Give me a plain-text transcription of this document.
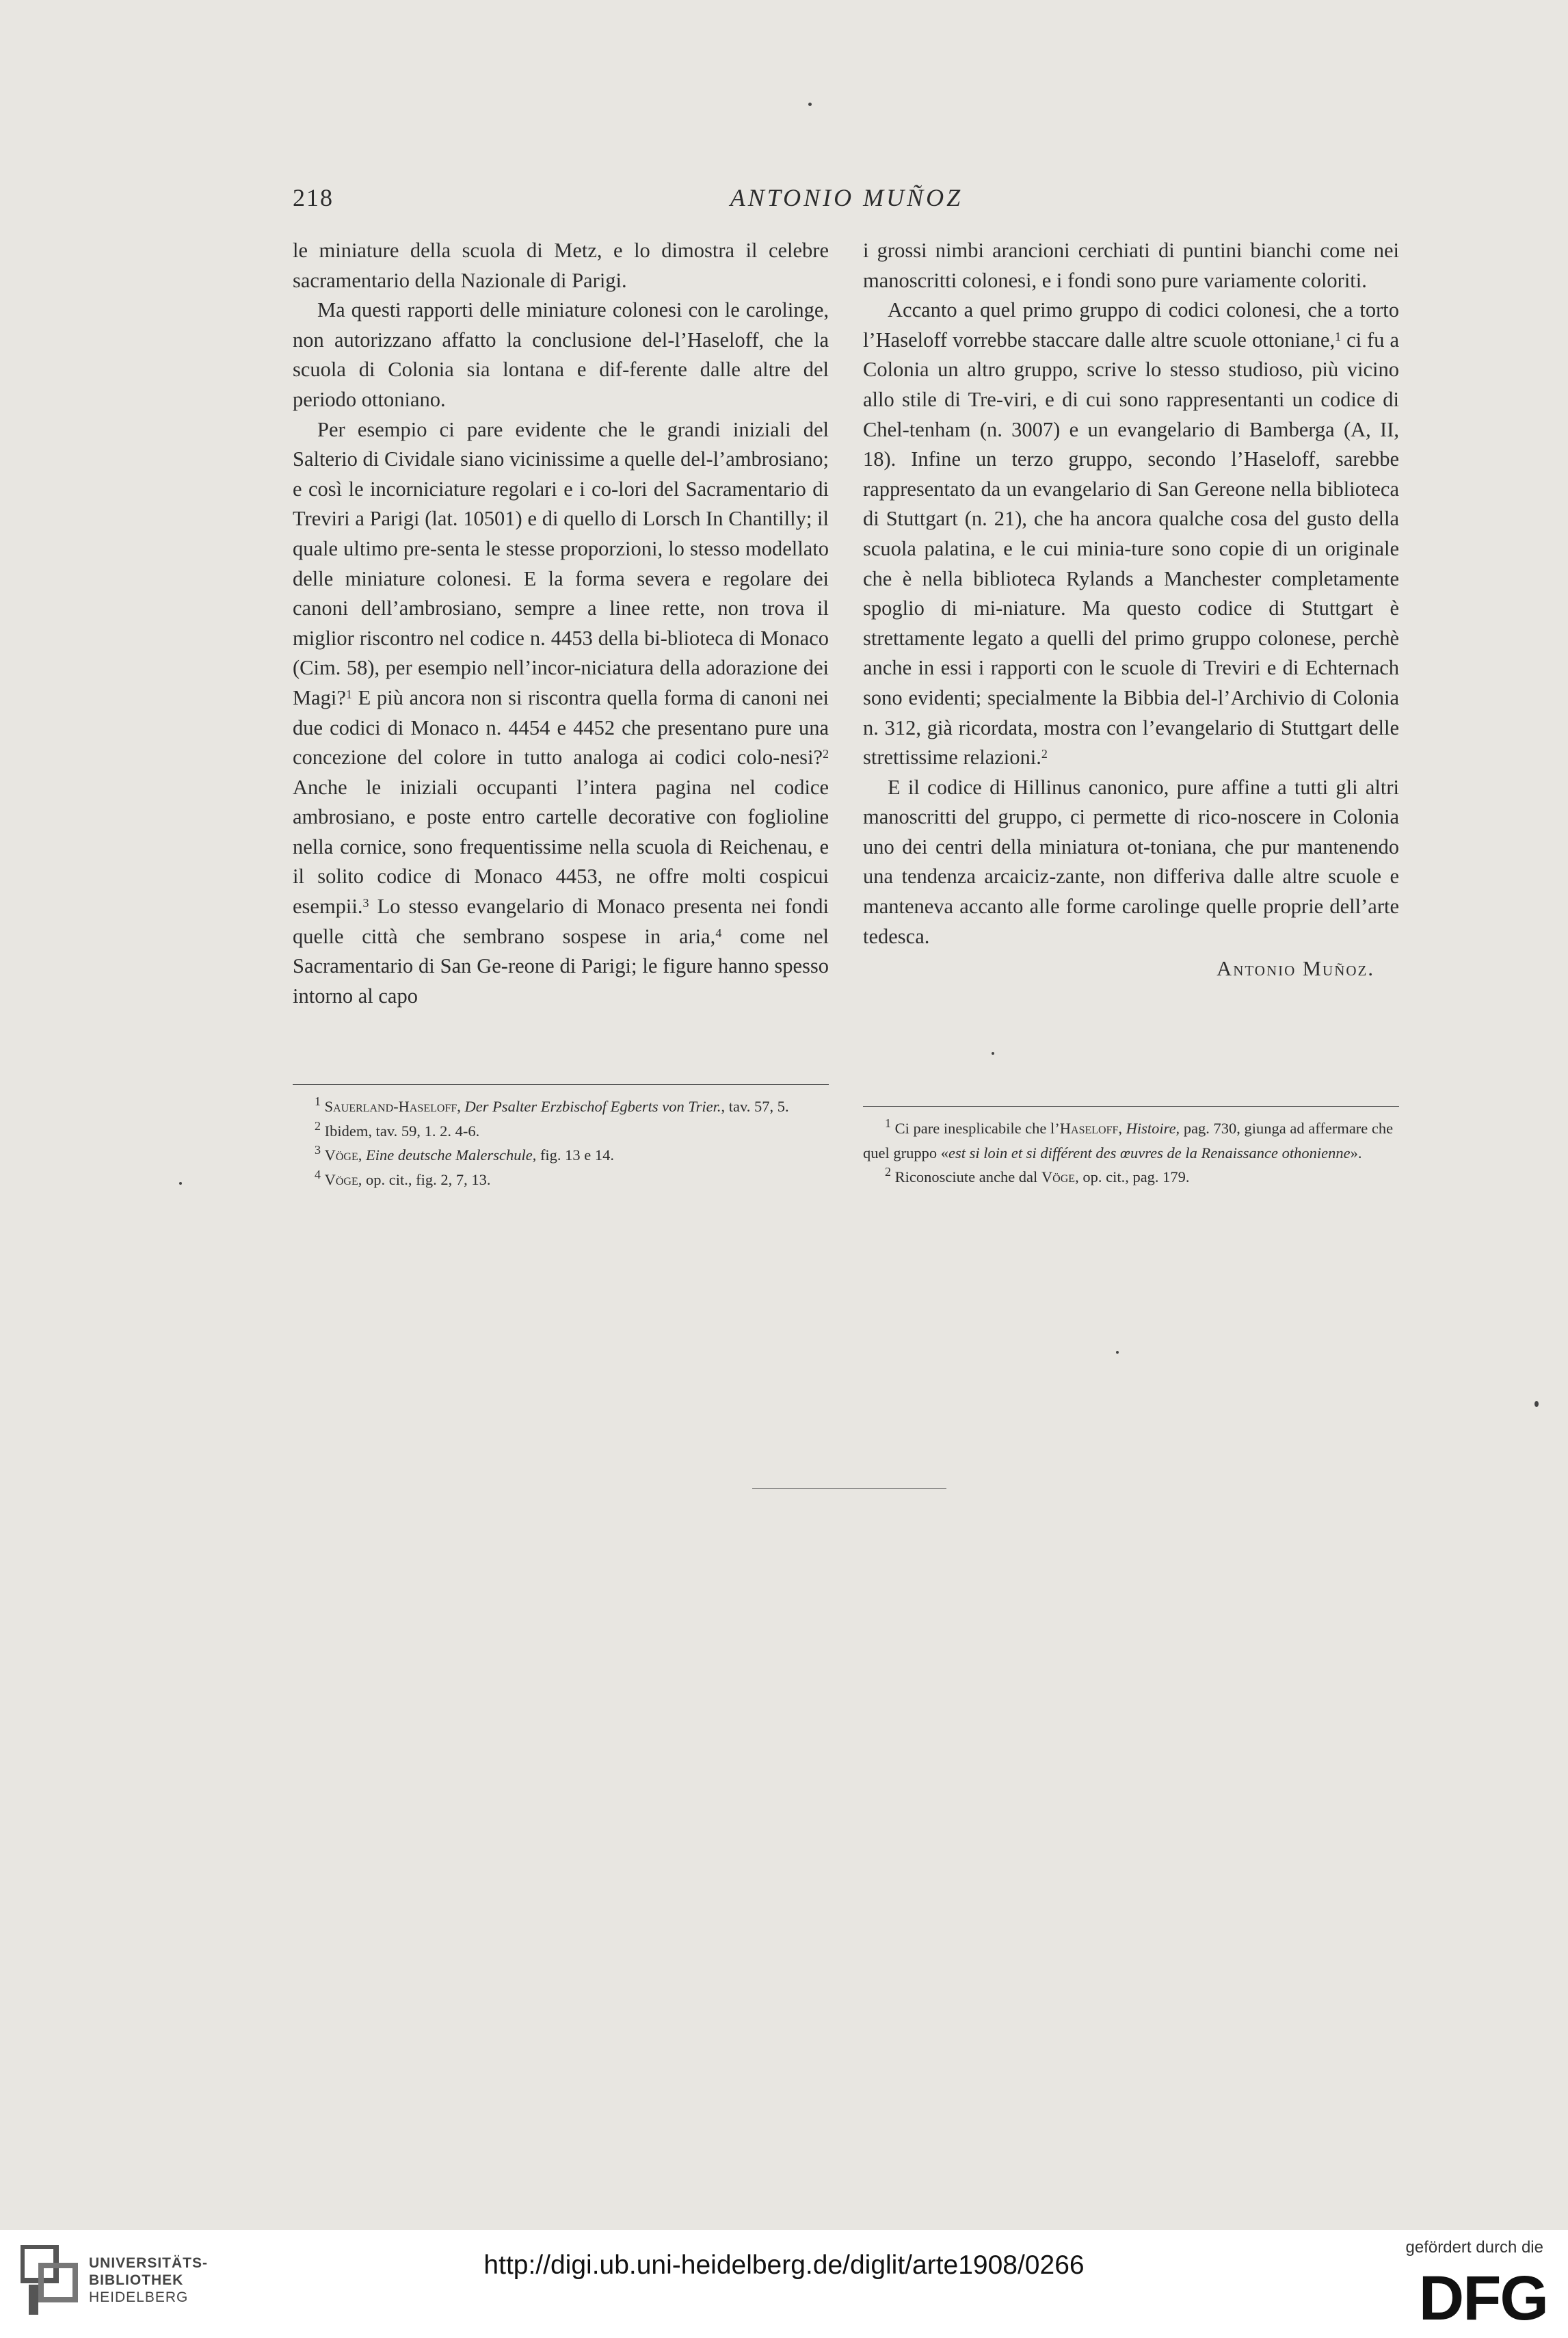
218	ANTONIO MUÑOZ

le miniature della scuola di Metz, e lo dimostra il celebre sacramentario della Nazionale di Parigi.

Ma questi rapporti delle miniature colonesi con le carolinge, non autorizzano affatto la conclusione del-l’Haseloff, che la scuola di Colonia sia lontana e dif-ferente dalle altre del periodo ottoniano.

Per esempio ci pare evidente che le grandi iniziali del Salterio di Cividale siano vicinissime a quelle del-l’ambrosiano; e così le incorniciature regolari e i co-lori del Sacramentario di Treviri a Parigi (lat. 10501) e di quello di Lorsch In Chantilly; il quale ultimo pre-senta le stesse proporzioni, lo stesso modellato delle miniature colonesi. E la forma severa e regolare dei canoni dell’ambrosiano, sempre a linee rette, non trova il miglior riscontro nel codice n. 4453 della bi-blioteca di Monaco (Cim. 58), per esempio nell’incor-niciatura della adorazione dei Magi?$^1$ E più ancora non si riscontra quella forma di canoni nei due codici di Monaco n. 4454 e 4452 che presentano pure una concezione del colore in tutto analoga ai codici colo-nesi?$^2$ Anche le iniziali occupanti l’intera pagina nel codice ambrosiano, e poste entro cartelle decorative con foglioline nella cornice, sono frequentissime nella scuola di Reichenau, e il solito codice di Monaco 4453, ne offre molti cospicui esempii.$^3$ Lo stesso evangelario di Monaco presenta nei fondi quelle città che sembrano sospese in aria,$^4$ come nel Sacramentario di San Ge-reone di Parigi; le figure hanno spesso intorno al capo

i grossi nimbi arancioni cerchiati di puntini bianchi come nei manoscritti colonesi, e i fondi sono pure variamente coloriti.

Accanto a quel primo gruppo di codici colonesi, che a torto l’Haseloff vorrebbe staccare dalle altre scuole ottoniane,$^1$ ci fu a Colonia un altro gruppo, scrive lo stesso studioso, più vicino allo stile di Tre-viri, e di cui sono rappresentanti un codice di Chel-tenham (n. 3007) e un evangelario di Bamberga (A, II, 18). Infine un terzo gruppo, secondo l’Haseloff, sarebbe rappresentato da un evangelario di San Gereone nella biblioteca di Stuttgart (n. 21), che ha ancora qualche cosa del gusto della scuola palatina, e le cui minia-ture sono copie di un originale che è nella biblioteca Rylands a Manchester completamente spoglio di mi-niature. Ma questo codice di Stuttgart è strettamente legato a quelli del primo gruppo colonese, perchè anche in essi i rapporti con le scuole di Treviri e di Echternach sono evidenti; specialmente la Bibbia del-l’Archivio di Colonia n. 312, già ricordata, mostra con l’evangelario di Stuttgart delle strettissime relazioni.$^2$

E il codice di Hillinus canonico, pure affine a tutti gli altri manoscritti del gruppo, ci permette di rico-noscere in Colonia uno dei centri della miniatura ot-toniana, che pur mantenendo una tendenza arcaiciz-zante, non differiva dalle altre scuole e manteneva accanto alle forme carolinge quelle proprie dell’arte tedesca.

Antonio Muñoz.

$^1$ Sauerland-Haseloff, Der Psalter Erzbischof Egberts von Trier., tav. 57, 5.

$^2$ Ibidem, tav. 59, 1. 2. 4-6.

$^3$ Vöge, Eine deutsche Malerschule, fig. 13 e 14.

$^4$ Vöge, op. cit., fig. 2, 7, 13.

$^1$ Ci pare inesplicabile che l’Haseloff, Histoire, pag. 730, giunga ad affermare che quel gruppo «est si loin et si différent des œuvres de la Renaissance othonienne».

$^2$ Riconosciute anche dal Vöge, op. cit., pag. 179.

UNIVERSITÄTS-
BIBLIOTHEK
HEIDELBERG
http://digi.ub.uni-heidelberg.de/diglit/arte1908/0266
gefördert durch die
DFG
